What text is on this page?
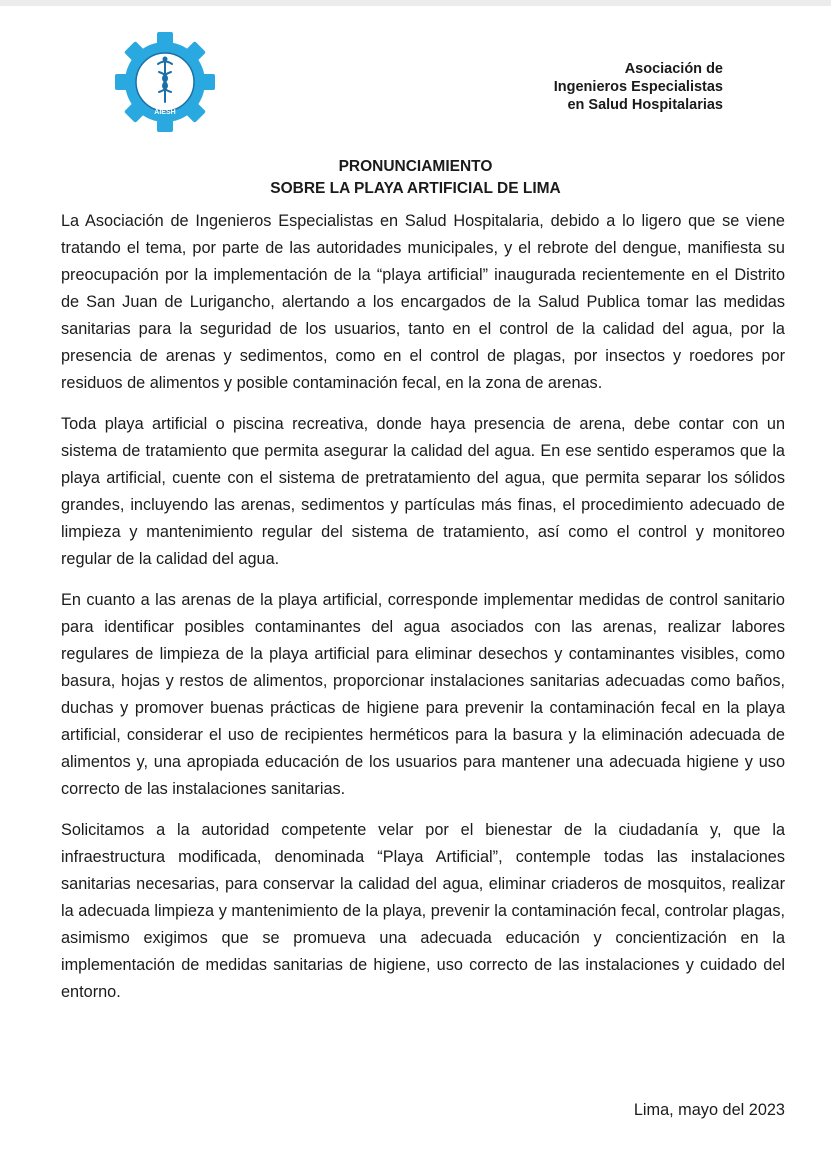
AIESH
Asociación de
Ingenieros Especialistas
en Salud Hospitalarias
PRONUNCIAMIENTO
SOBRE LA PLAYA ARTIFICIAL DE LIMA

La Asociación de Ingenieros Especialistas en Salud Hospitalaria, debido a lo ligero que se viene tratando el tema, por parte de las autoridades municipales, y el rebrote del dengue, manifiesta su preocupación por la implementación de la “playa artificial” inaugurada recientemente en el Distrito de San Juan de Lurigancho, alertando a los encargados de la Salud Publica tomar las medidas sanitarias para la seguridad de los usuarios, tanto en el control de la calidad del agua, por la presencia de arenas y sedimentos, como en el control de plagas, por insectos y roedores por residuos de alimentos y posible contaminación fecal, en la zona de arenas.

Toda playa artificial o piscina recreativa, donde haya presencia de arena, debe contar con un sistema de tratamiento que permita asegurar la calidad del agua. En ese sentido esperamos que la playa artificial, cuente con el sistema de pretratamiento del agua, que permita separar los sólidos grandes, incluyendo las arenas, sedimentos y partículas más finas, el procedimiento adecuado de limpieza y mantenimiento regular del sistema de tratamiento, así como el control y monitoreo regular de la calidad del agua.

En cuanto a las arenas de la playa artificial, corresponde implementar medidas de control sanitario para identificar posibles contaminantes del agua asociados con las arenas, realizar labores regulares de limpieza de la playa artificial para eliminar desechos y contaminantes visibles, como basura, hojas y restos de alimentos, proporcionar instalaciones sanitarias adecuadas como baños, duchas y promover buenas prácticas de higiene para prevenir la contaminación fecal en la playa artificial, considerar el uso de recipientes herméticos para la basura y la eliminación adecuada de alimentos y, una apropiada educación de los usuarios para mantener una adecuada higiene y uso correcto de las instalaciones sanitarias.

Solicitamos a la autoridad competente velar por el bienestar de la ciudadanía y, que la infraestructura modificada, denominada “Playa Artificial”, contemple todas las instalaciones sanitarias necesarias, para conservar la calidad del agua, eliminar criaderos de mosquitos, realizar la adecuada limpieza y mantenimiento de la playa, prevenir la contaminación fecal, controlar plagas, asimismo exigimos que se promueva una adecuada educación y concientización en la implementación de medidas sanitarias de higiene, uso correcto de las instalaciones y cuidado del entorno.

Lima, mayo del 2023
